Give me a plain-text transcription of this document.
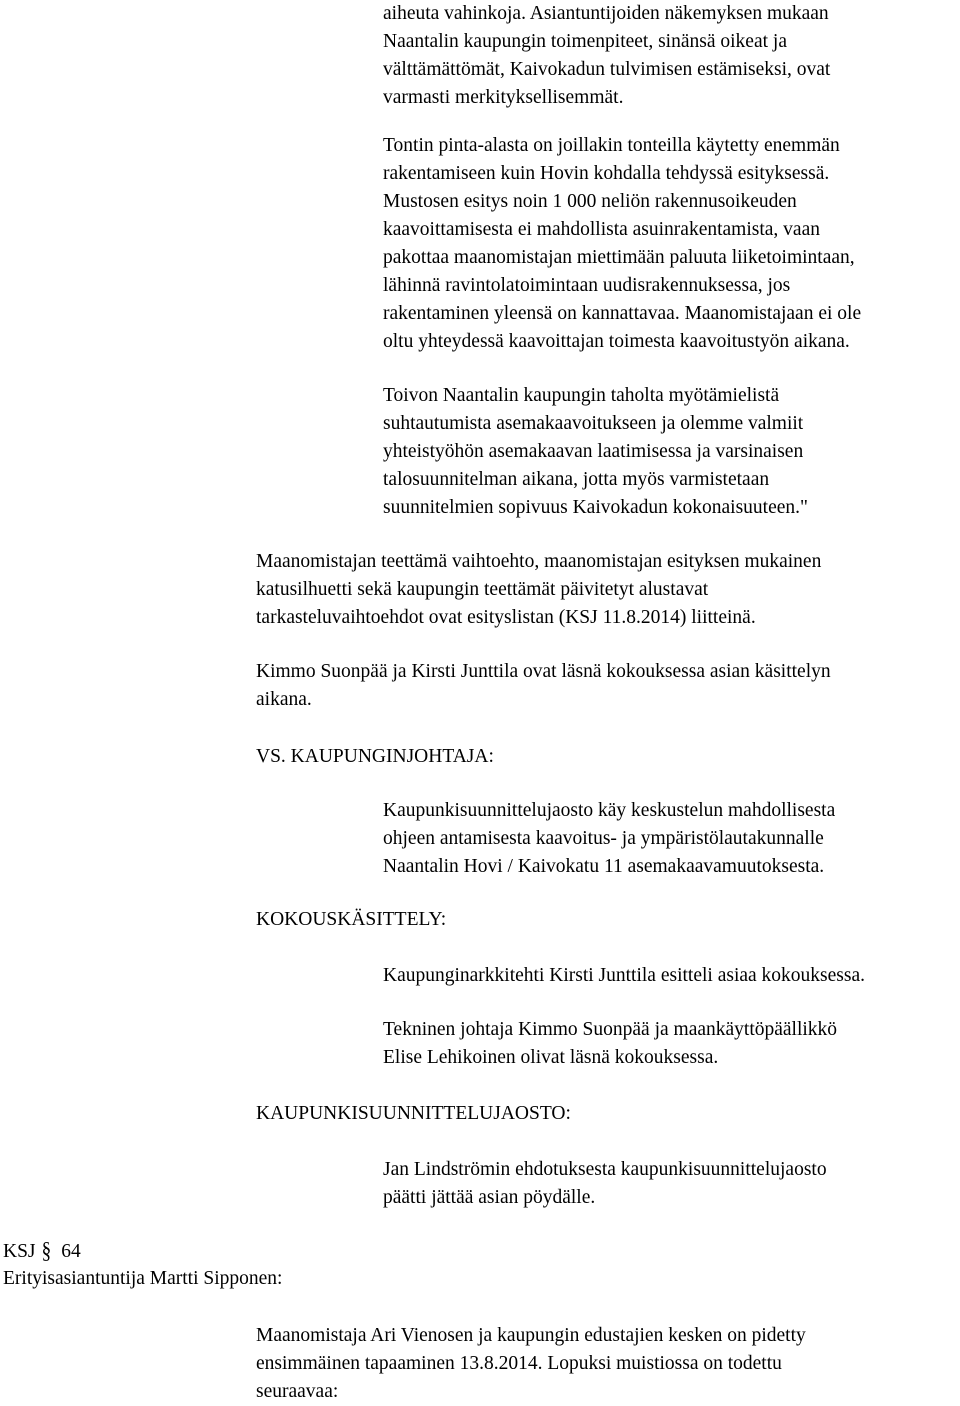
aiheuta vahinkoja. Asiantuntijoiden näkemyksen mukaan
Naantalin kaupungin toimenpiteet, sinänsä oikeat ja
välttämättömät, Kaivokadun tulvimisen estämiseksi, ovat
varmasti merkityksellisemmät.
Tontin pinta-alasta on joillakin tonteilla käytetty enemmän
rakentamiseen kuin Hovin kohdalla tehdyssä esityksessä.
Mustosen esitys noin 1 000 neliön rakennusoikeuden
kaavoittamisesta ei mahdollista asuinrakentamista, vaan
pakottaa maanomistajan miettimään paluuta liiketoimintaan,
lähinnä ravintolatoimintaan uudisrakennuksessa, jos
rakentaminen yleensä on kannattavaa. Maanomistajaan ei ole
oltu yhteydessä kaavoittajan toimesta kaavoitustyön aikana.
Toivon Naantalin kaupungin taholta myötämielistä
suhtautumista asemakaavoitukseen ja olemme valmiit
yhteistyöhön asemakaavan laatimisessa ja varsinaisen
talosuunnitelman aikana, jotta myös varmistetaan
suunnitelmien sopivuus Kaivokadun kokonaisuuteen."
Maanomistajan teettämä vaihtoehto, maanomistajan esityksen mukainen
katusilhuetti sekä kaupungin teettämät päivitetyt alustavat
tarkasteluvaihtoehdot ovat esityslistan (KSJ 11.8.2014) liitteinä.
Kimmo Suonpää ja Kirsti Junttila ovat läsnä kokouksessa asian käsittelyn
aikana.
VS. KAUPUNGINJOHTAJA:
Kaupunkisuunnittelujaosto käy keskustelun mahdollisesta
ohjeen antamisesta kaavoitus- ja ympäristölautakunnalle
Naantalin Hovi / Kaivokatu 11 asemakaavamuutoksesta.
KOKOUSKÄSITTELY:
Kaupunginarkkitehti Kirsti Junttila esitteli asiaa kokouksessa.
Tekninen johtaja Kimmo Suonpää ja maankäyttöpäällikkö
Elise Lehikoinen olivat läsnä kokouksessa.
KAUPUNKISUUNNITTELUJAOSTO:
Jan Lindströmin ehdotuksesta kaupunkisuunnittelujaosto
päätti jättää asian pöydälle.
KSJ § 64
Erityisasiantuntija Martti Sipponen:
Maanomistaja Ari Vienosen ja kaupungin edustajien kesken on pidetty
ensimmäinen tapaaminen 13.8.2014. Lopuksi muistiossa on todettu
seuraavaa:
